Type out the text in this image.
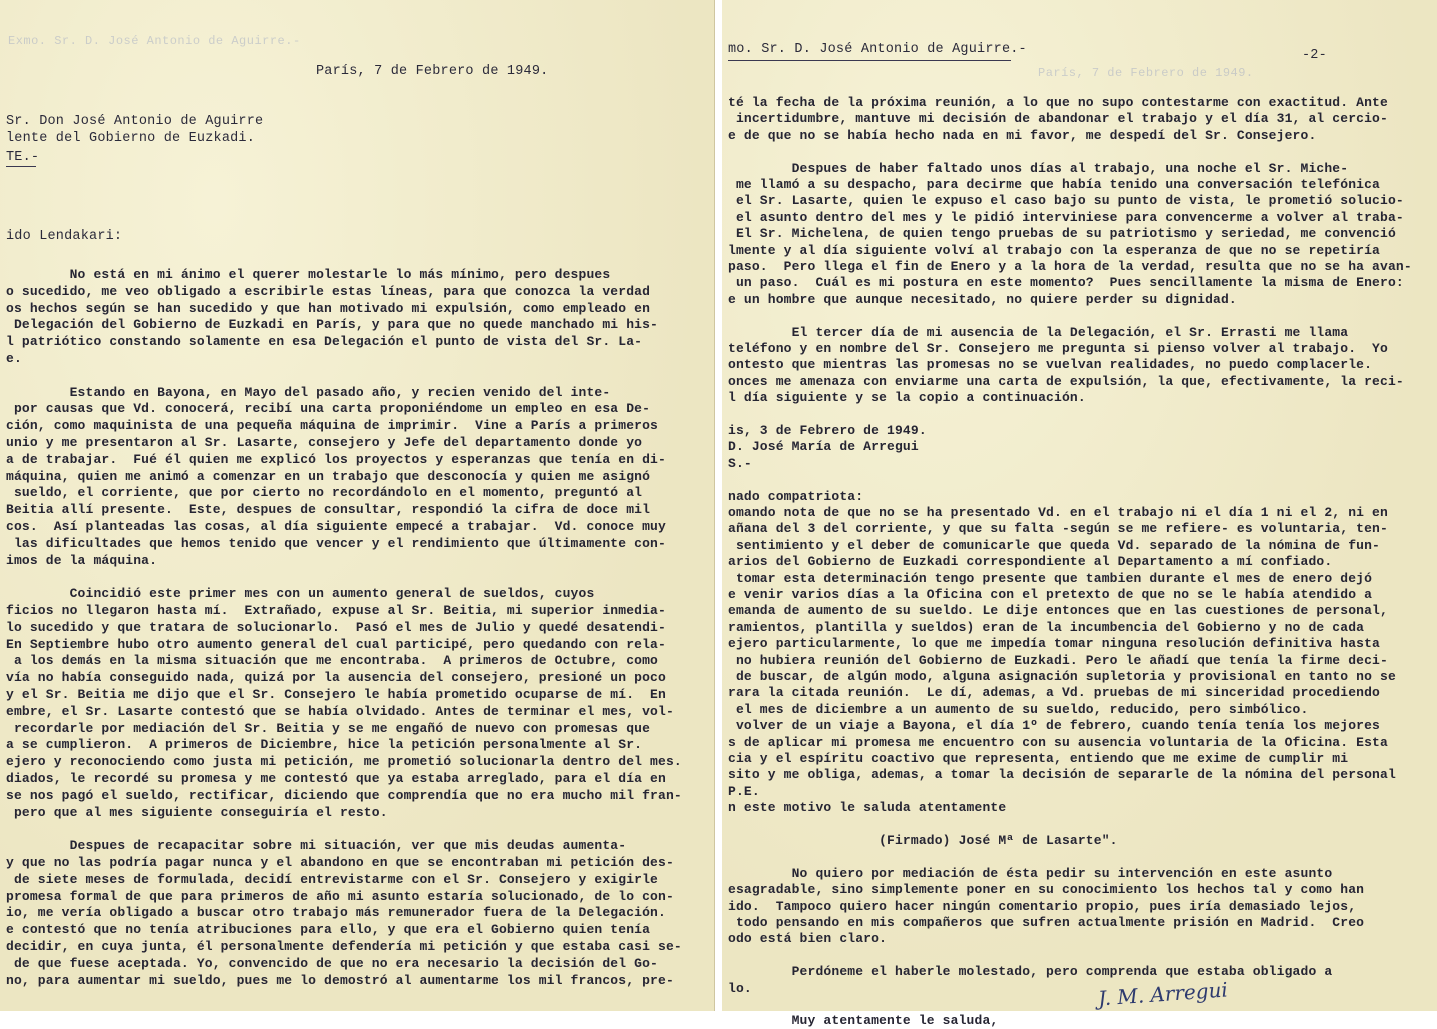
Exmo. Sr. D. José Antonio de Aguirre.-
París, 7 de Febrero de 1949.
Sr. Don José Antonio de Aguirre
lente del Gobierno de Euzkadi.
TE.-
ido Lendakari:
No está en mi ánimo el querer molestarle lo más mínimo, pero despues
o sucedido, me veo obligado a escribirle estas líneas, para que conozca la verdad
os hechos según se han sucedido y que han motivado mi expulsión, como empleado en
Delegación del Gobierno de Euzkadi en París, y para que no quede manchado mi his-
l patriótico constando solamente en esa Delegación el punto de vista del Sr. La-
e.
Estando en Bayona, en Mayo del pasado año, y recien venido del inte-
por causas que Vd. conocerá, recibí una carta proponiéndome un empleo en esa De-
ción, como maquinista de una pequeña máquina de imprimir.  Vine a París a primeros
unio y me presentaron al Sr. Lasarte, consejero y Jefe del departamento donde yo
a de trabajar.  Fué él quien me explicó los proyectos y esperanzas que tenía en di-
máquina, quien me animó a comenzar en un trabajo que desconocía y quien me asignó
sueldo, el corriente, que por cierto no recordándolo en el momento, preguntó al
Beitia allí presente.  Este, despues de consultar, respondió la cifra de doce mil
cos.  Así planteadas las cosas, al día siguiente empecé a trabajar.  Vd. conoce muy
las dificultades que hemos tenido que vencer y el rendimiento que últimamente con-
imos de la máquina.
Coincidió este primer mes con un aumento general de sueldos, cuyos
ficios no llegaron hasta mí.  Extrañado, expuse al Sr. Beitia, mi superior inmedia-
lo sucedido y que tratara de solucionarlo.  Pasó el mes de Julio y quedé desatendi-
En Septiembre hubo otro aumento general del cual participé, pero quedando con rela-
a los demás en la misma situación que me encontraba.  A primeros de Octubre, como
vía no había conseguido nada, quizá por la ausencia del consejero, presioné un poco
y el Sr. Beitia me dijo que el Sr. Consejero le había prometido ocuparse de mí.  En
embre, el Sr. Lasarte contestó que se había olvidado. Antes de terminar el mes, vol-
recordarle por mediación del Sr. Beitia y se me engañó de nuevo con promesas que
a se cumplieron.  A primeros de Diciembre, hice la petición personalmente al Sr.
ejero y reconociendo como justa mi petición, me prometió solucionarla dentro del mes.
diados, le recordé su promesa y me contestó que ya estaba arreglado, para el día en
se nos pagó el sueldo, rectificar, diciendo que comprendía que no era mucho mil fran-
pero que al mes siguiente conseguiría el resto.
Despues de recapacitar sobre mi situación, ver que mis deudas aumenta-
y que no las podría pagar nunca y el abandono en que se encontraban mi petición des-
de siete meses de formulada, decidí entrevistarme con el Sr. Consejero y exigirle
promesa formal de que para primeros de año mi asunto estaría solucionado, de lo con-
io, me vería obligado a buscar otro trabajo más remunerador fuera de la Delegación.
e contestó que no tenía atribuciones para ello, y que era el Gobierno quien tenía
decidir, en cuya junta, él personalmente defendería mi petición y que estaba casi se-
de que fuese aceptada. Yo, convencido de que no era necesario la decisión del Go-
no, para aumentar mi sueldo, pues me lo demostró al aumentarme los mil francos, pre-
mo. Sr. D. José Antonio de Aguirre.-	-2-
París, 7 de Febrero de 1949.
té la fecha de la próxima reunión, a lo que no supo contestarme con exactitud. Ante
incertidumbre, mantuve mi decisión de abandonar el trabajo y el día 31, al cercio-
e de que no se había hecho nada en mi favor, me despedí del Sr. Consejero.
Despues de haber faltado unos días al trabajo, una noche el Sr. Miche-
me llamó a su despacho, para decirme que había tenido una conversación telefónica
el Sr. Lasarte, quien le expuso el caso bajo su punto de vista, le prometió solucio-
el asunto dentro del mes y le pidió interviniese para convencerme a volver al traba-
El Sr. Michelena, de quien tengo pruebas de su patriotismo y seriedad, me convenció
lmente y al día siguiente volví al trabajo con la esperanza de que no se repetiría
paso.  Pero llega el fin de Enero y a la hora de la verdad, resulta que no se ha avan-
un paso.  Cuál es mi postura en este momento?  Pues sencillamente la misma de Enero:
e un hombre que aunque necesitado, no quiere perder su dignidad.
El tercer día de mi ausencia de la Delegación, el Sr. Errasti me llama
teléfono y en nombre del Sr. Consejero me pregunta si pienso volver al trabajo.  Yo
ontesto que mientras las promesas no se vuelvan realidades, no puedo complacerle.
onces me amenaza con enviarme una carta de expulsión, la que, efectivamente, la reci-
l día siguiente y se la copio a continuación.
is, 3 de Febrero de 1949.
D. José María de Arregui
S.-
nado compatriota:
omando nota de que no se ha presentado Vd. en el trabajo ni el día 1 ni el 2, ni en
añana del 3 del corriente, y que su falta -según se me refiere- es voluntaria, ten-
sentimiento y el deber de comunicarle que queda Vd. separado de la nómina de fun-
arios del Gobierno de Euzkadi correspondiente al Departamento a mí confiado.
tomar esta determinación tengo presente que tambien durante el mes de enero dejó
e venir varios días a la Oficina con el pretexto de que no se le había atendido a
emanda de aumento de su sueldo. Le dije entonces que en las cuestiones de personal,
ramientos, plantilla y sueldos) eran de la incumbencia del Gobierno y no de cada
ejero particularmente, lo que me impedía tomar ninguna resolución definitiva hasta
no hubiera reunión del Gobierno de Euzkadi. Pero le añadí que tenía la firme deci-
de buscar, de algún modo, alguna asignación supletoria y provisional en tanto no se
rara la citada reunión.  Le dí, ademas, a Vd. pruebas de mi sinceridad procediendo
el mes de diciembre a un aumento de su sueldo, reducido, pero simbólico.
volver de un viaje a Bayona, el día 1º de febrero, cuando tenía tenía los mejores
s de aplicar mi promesa me encuentro con su ausencia voluntaria de la Oficina. Esta
cia y el espíritu coactivo que representa, entiendo que me exime de cumplir mi
sito y me obliga, ademas, a tomar la decisión de separarle de la nómina del personal
P.E.
n este motivo le saluda atentamente
(Firmado) José Mª de Lasarte".
No quiero por mediación de ésta pedir su intervención en este asunto
esagradable, sino simplemente poner en su conocimiento los hechos tal y como han
ido.  Tampoco quiero hacer ningún comentario propio, pues iría demasiado lejos,
todo pensando en mis compañeros que sufren actualmente prisión en Madrid.  Creo
odo está bien claro.
Perdóneme el haberle molestado, pero comprenda que estaba obligado a
lo.
Muy atentamente le saluda,
J. M. Arregui
